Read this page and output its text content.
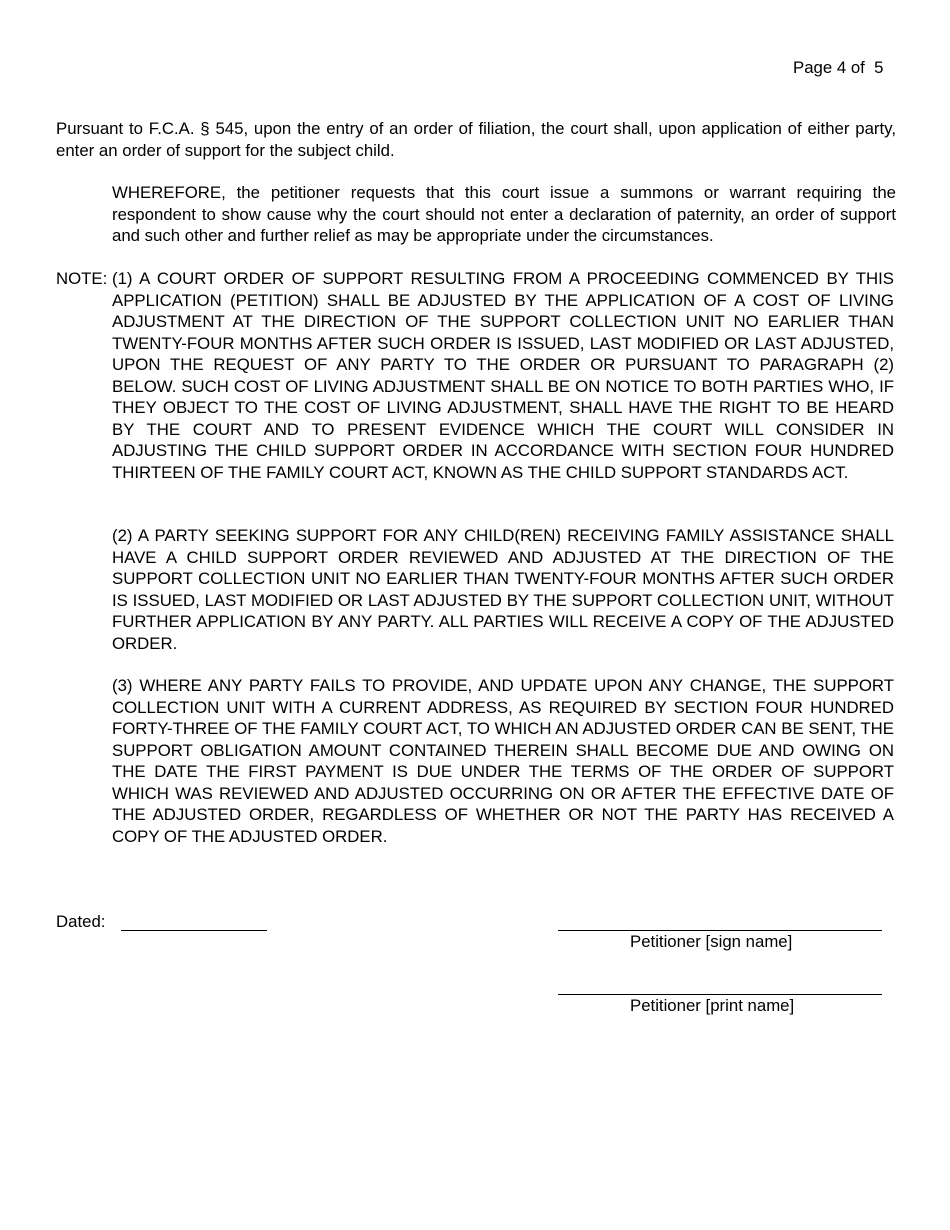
Page 4 of  5

Pursuant to F.C.A. § 545, upon the entry of an order of filiation, the court shall, upon application of either party, enter an order of support for the subject child.

WHEREFORE, the petitioner requests that this court issue a summons or warrant requiring the respondent to show cause why the court should not enter a declaration of paternity, an order of support and such other and further relief as may be appropriate under the circumstances.

NOTE: (1) A COURT ORDER OF SUPPORT RESULTING FROM A PROCEEDING COMMENCED BY THIS APPLICATION (PETITION) SHALL BE ADJUSTED BY THE APPLICATION OF A COST OF LIVING ADJUSTMENT AT THE DIRECTION OF THE SUPPORT COLLECTION UNIT NO EARLIER THAN TWENTY-FOUR MONTHS AFTER SUCH ORDER IS ISSUED, LAST MODIFIED OR LAST ADJUSTED, UPON THE REQUEST OF ANY PARTY TO THE ORDER OR PURSUANT TO PARAGRAPH (2) BELOW. SUCH COST OF LIVING ADJUSTMENT SHALL BE ON NOTICE TO BOTH PARTIES WHO, IF THEY OBJECT TO THE COST OF LIVING ADJUSTMENT, SHALL HAVE THE RIGHT TO BE HEARD BY THE COURT AND TO PRESENT EVIDENCE WHICH THE COURT WILL CONSIDER IN ADJUSTING THE CHILD SUPPORT ORDER IN ACCORDANCE WITH SECTION FOUR HUNDRED THIRTEEN OF THE FAMILY COURT ACT, KNOWN AS THE CHILD SUPPORT STANDARDS ACT.

(2) A PARTY SEEKING SUPPORT FOR ANY CHILD(REN) RECEIVING FAMILY ASSISTANCE SHALL HAVE A CHILD SUPPORT ORDER REVIEWED AND ADJUSTED AT THE DIRECTION OF THE SUPPORT COLLECTION UNIT NO EARLIER THAN TWENTY-FOUR MONTHS AFTER SUCH ORDER IS ISSUED, LAST MODIFIED OR LAST ADJUSTED BY THE SUPPORT COLLECTION UNIT, WITHOUT FURTHER APPLICATION BY ANY PARTY. ALL PARTIES WILL RECEIVE A COPY OF THE ADJUSTED ORDER.

(3) WHERE ANY PARTY FAILS TO PROVIDE, AND UPDATE UPON ANY CHANGE, THE SUPPORT COLLECTION UNIT WITH A CURRENT ADDRESS, AS REQUIRED BY SECTION FOUR HUNDRED FORTY-THREE OF THE FAMILY COURT ACT, TO WHICH AN ADJUSTED ORDER CAN BE SENT, THE SUPPORT OBLIGATION AMOUNT CONTAINED THEREIN SHALL BECOME DUE AND OWING ON THE DATE THE FIRST PAYMENT IS DUE UNDER THE TERMS OF THE ORDER OF SUPPORT WHICH WAS REVIEWED AND ADJUSTED OCCURRING ON OR AFTER THE EFFECTIVE DATE OF THE ADJUSTED ORDER, REGARDLESS OF WHETHER OR NOT THE PARTY HAS RECEIVED A COPY OF THE ADJUSTED ORDER.

Dated:
Petitioner [sign name]
Petitioner [print name]
